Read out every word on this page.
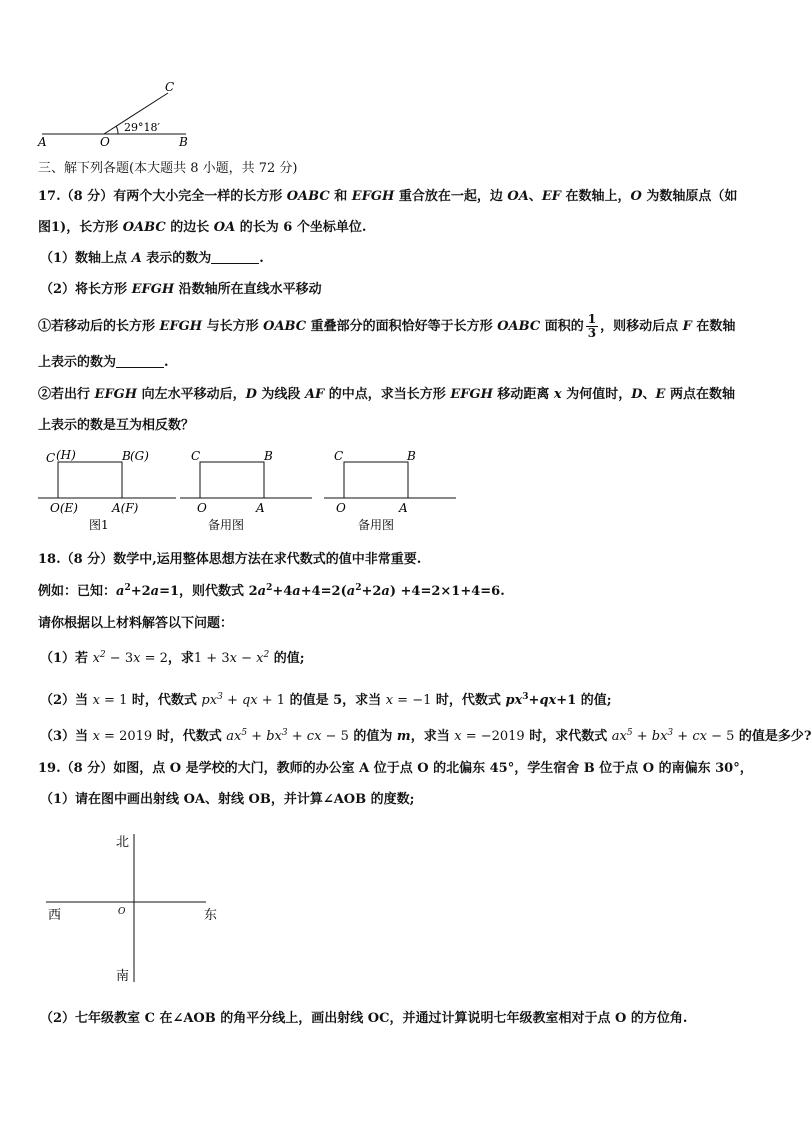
A	O	B
C
29°18′
三、解下列各题(本大题共 8 小题，共 72 分)
17.（8 分）有两个大小完全一样的长方形 OABC 和 EFGH 重合放在一起，边 OA、EF 在数轴上，O 为数轴原点（如
图1)，长方形 OABC 的边长 OA 的长为 6 个坐标单位.
（1）数轴上点 A 表示的数为	.
（2）将长方形 EFGH 沿数轴所在直线水平移动
①若移动后的长方形 EFGH 与长方形 OABC 重叠部分的面积恰好等于长方形 OABC 面积的 $\frac{1}{3}$ ，则移动后点 F 在数轴
上表示的数为	.
②若出行 EFGH 向左水平移动后，D 为线段 AF 的中点，求当长方形 EFGH 移动距离 x 为何值时，D、E 两点在数轴
上表示的数是互为相反数？
C (H)	B (G)
O(E)	A(F)
图1
C	B
O	A
备用图
C	B
O	A
备用图
18.（8 分）数学中,运用整体思想方法在求代数式的值中非常重要.
例如：已知：$a^2+2a=1$，则代数式 $2a^2+4a+4=2(a^2+2a) +4=2\times 1+4=6$.
请你根据以上材料解答以下问题：
（1）若 $x^2 - 3x = 2$，求$1 + 3x - x^2$ 的值;
（2）当 x = 1 时，代数式 $px^3$ + qx + 1 的值是 5，求当 x = −1 时，代数式 $px^3+qx+1$ 的值;
（3）当 x = 2019 时，代数式 $ax^5 + bx^3$ + cx − 5 的值为 m，求当 x = −2019 时，求代数式 $ax^5 + bx^3$ + cx − 5 的值是多少?
19.（8 分）如图，点 O 是学校的大门，教师的办公室 A 位于点 O 的北偏东 45°，学生宿舍 B 位于点 O 的南偏东 30°，
（1）请在图中画出射线 OA、射线 OB，并计算∠AOB 的度数;
北
南
西	东
O
（2）七年级教室 C 在∠AOB 的角平分线上，画出射线 OC，并通过计算说明七年级教室相对于点 O 的方位角.
